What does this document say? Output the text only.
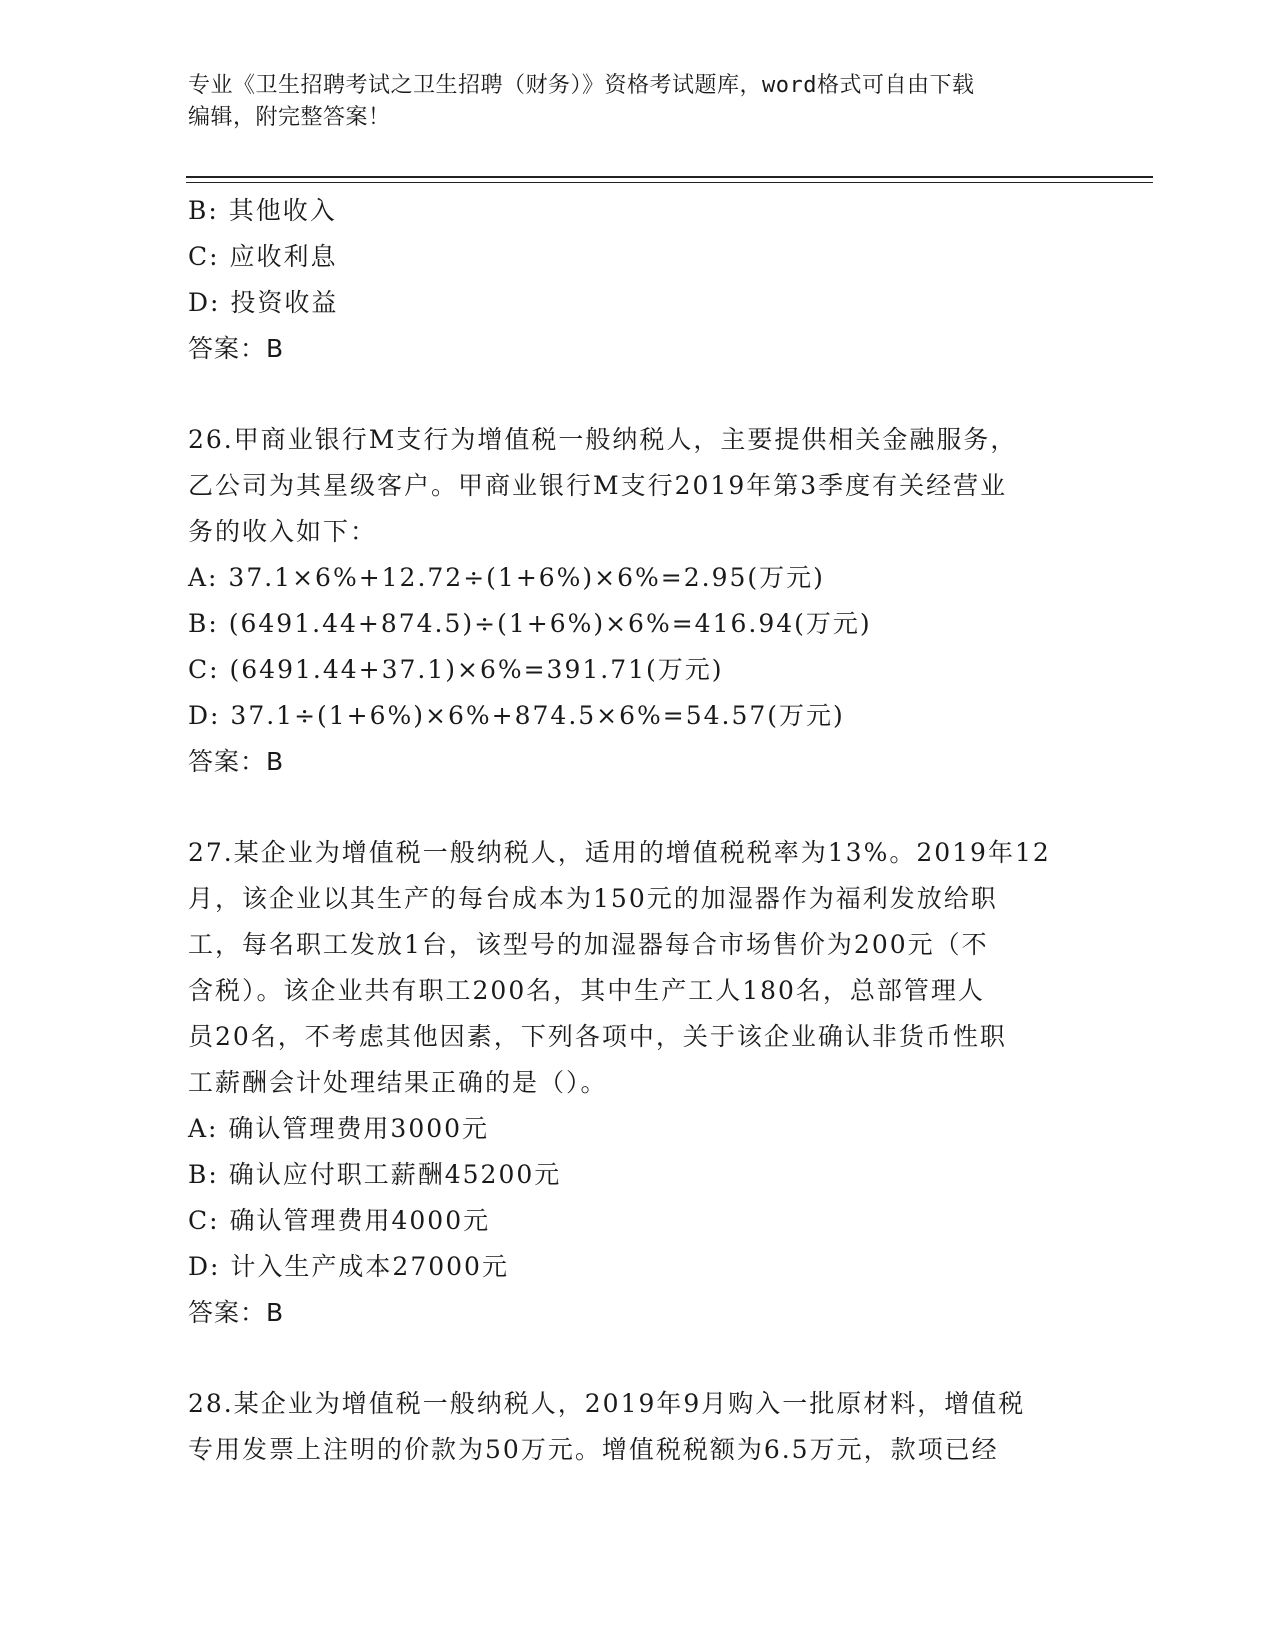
专业《卫生招聘考试之卫生招聘（财务）》资格考试题库，word格式可自由下载
编辑，附完整答案！
B: 其他收入
C: 应收利息
D: 投资收益
答案：B
26.甲商业银行M支行为增值税一般纳税人，主要提供相关金融服务，
乙公司为其星级客户。甲商业银行M支行2019年第3季度有关经营业
务的收入如下：
A: 37.1×6%+12.72÷(1+6%)×6%=2.95(万元)
B: (6491.44+874.5)÷(1+6%)×6%=416.94(万元)
C: (6491.44+37.1)×6%=391.71(万元)
D: 37.1÷(1+6%)×6%+874.5×6%=54.57(万元)
答案：B
27.某企业为增值税一般纳税人，适用的增值税税率为13%。2019年12
月，该企业以其生产的每台成本为150元的加湿器作为福利发放给职
工，每名职工发放1台，该型号的加湿器每合市场售价为200元（不
含税）。该企业共有职工200名，其中生产工人180名，总部管理人
员20名，不考虑其他因素，下列各项中，关于该企业确认非货币性职
工薪酬会计处理结果正确的是（）。
A: 确认管理费用3000元
B: 确认应付职工薪酬45200元
C: 确认管理费用4000元
D: 计入生产成本27000元
答案：B
28.某企业为增值税一般纳税人，2019年9月购入一批原材料，增值税
专用发票上注明的价款为50万元。增值税税额为6.5万元，款项已经
